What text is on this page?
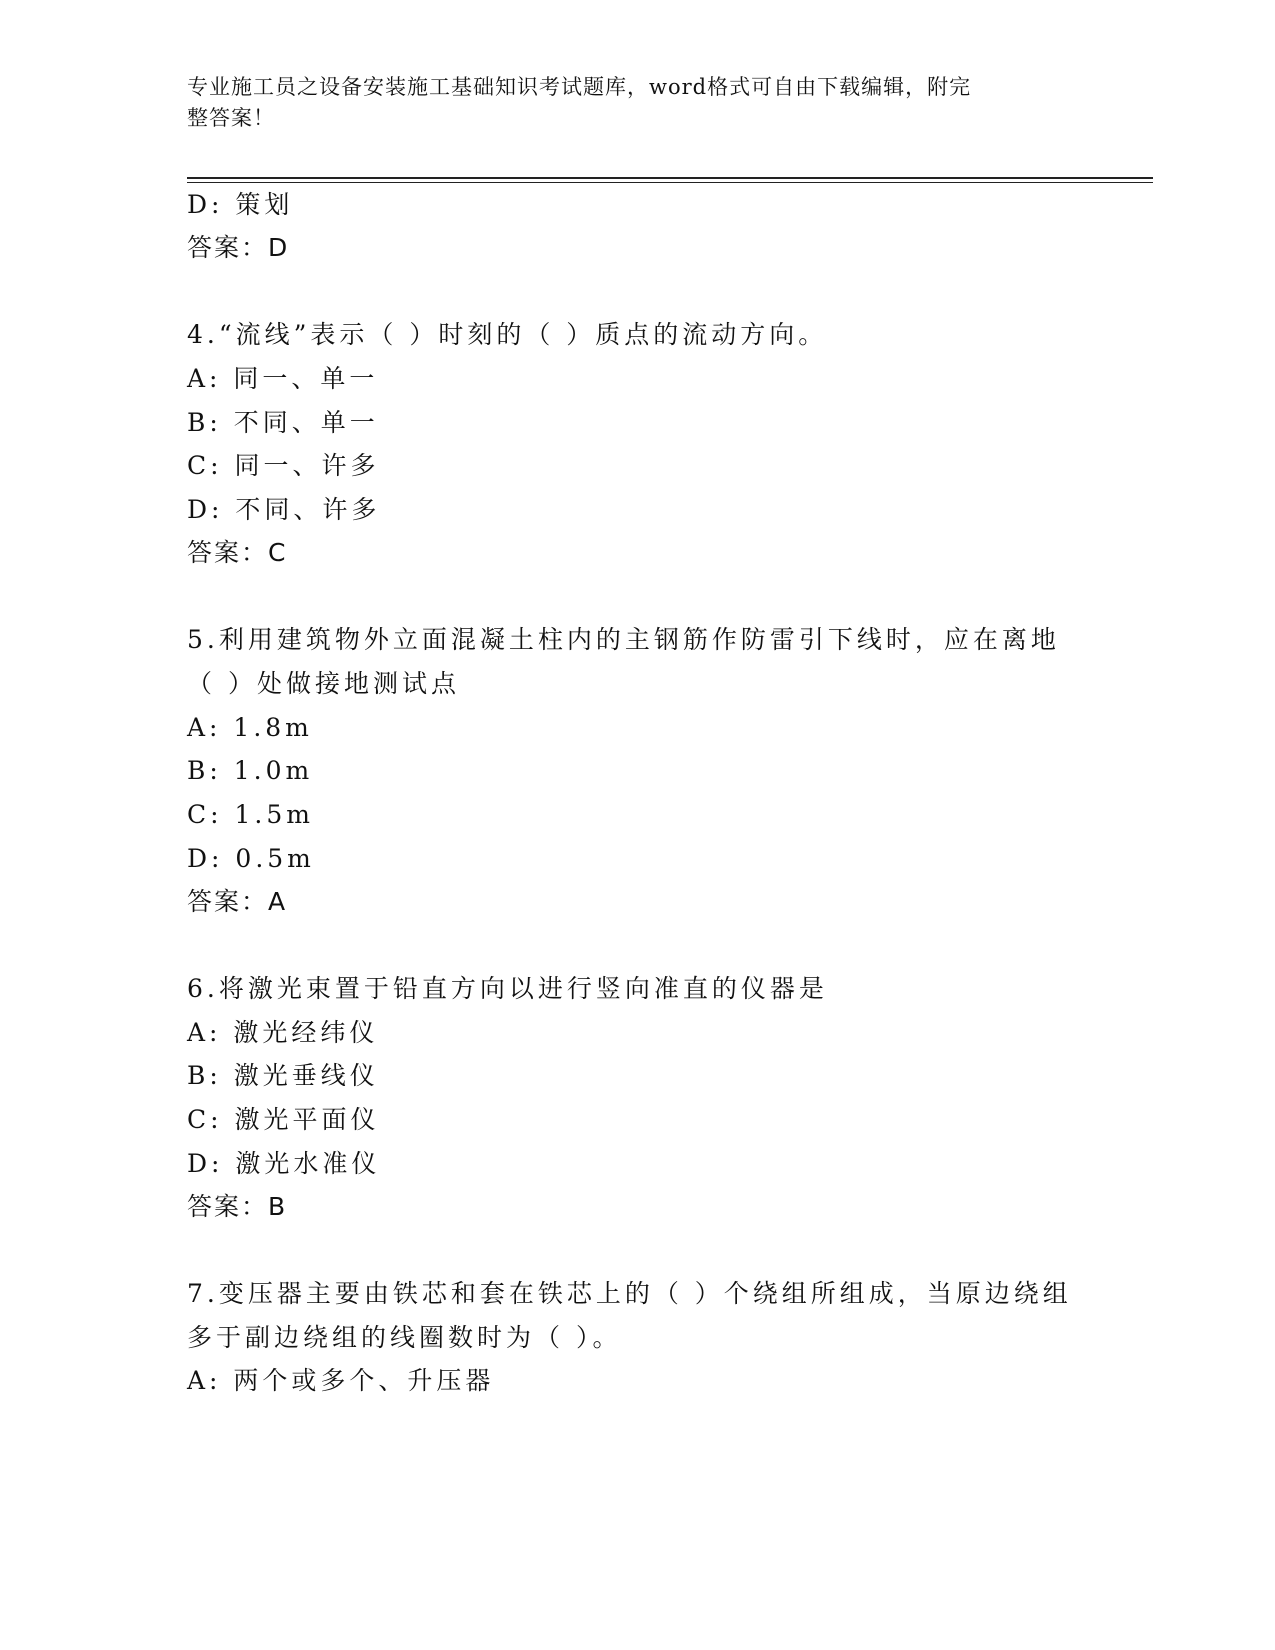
专业施工员之设备安装施工基础知识考试题库，word格式可自由下载编辑，附完
整答案！
D: 策划
答案：D
4.“流线”表示（ ）时刻的（ ）质点的流动方向。
A: 同一、单一
B: 不同、单一
C: 同一、许多
D: 不同、许多
答案：C
5.利用建筑物外立面混凝土柱内的主钢筋作防雷引下线时，应在离地
（ ）处做接地测试点
A: 1.8m
B: 1.0m
C: 1.5m
D: 0.5m
答案：A
6.将激光束置于铅直方向以进行竖向准直的仪器是
A: 激光经纬仪
B: 激光垂线仪
C: 激光平面仪
D: 激光水准仪
答案：B
7.变压器主要由铁芯和套在铁芯上的（ ）个绕组所组成，当原边绕组
多于副边绕组的线圈数时为（ ）。
A: 两个或多个、升压器
